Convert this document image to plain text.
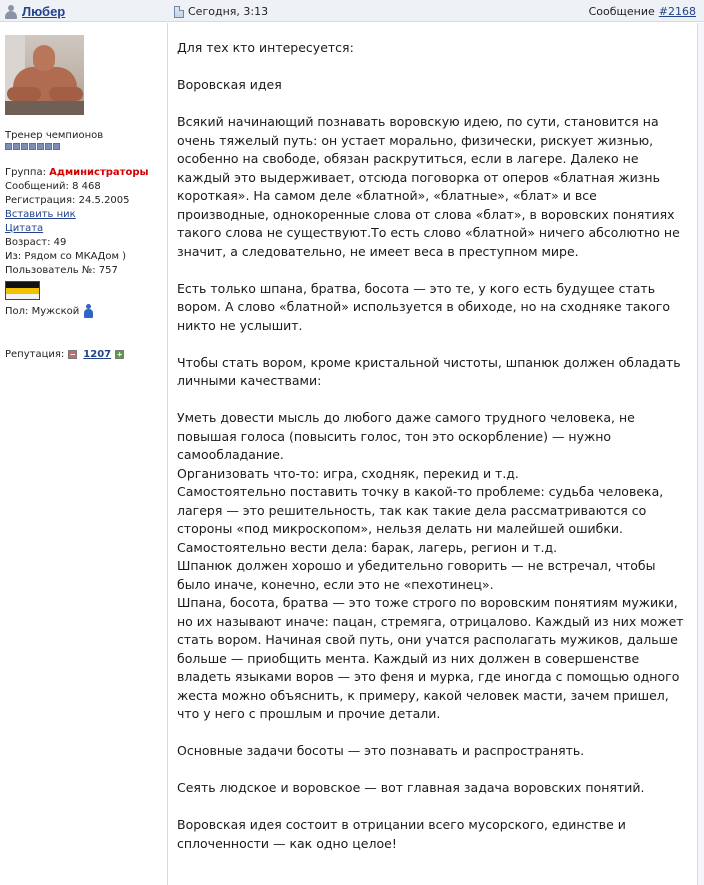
Любер	Сегодня, 3:13	Сообщение #2168
Тренер чемпионов
Группа: Администраторы
Сообщений: 8 468
Регистрация: 24.5.2005
Вставить ник
Цитата
Возраст: 49
Из: Рядом со МКАДом )
Пользователь №: 757
Пол:
Мужской
Репутация: − 1207 +

Для тех кто интересуется:

Воровская идея

Всякий начинающий познавать воровскую идею, по сути, становится на очень тяжелый путь: он устает морально, физически, рискует жизнью, особенно на свободе, обязан раскрутиться, если в лагере. Далеко не каждый это выдерживает, отсюда поговорка от оперов «блатная жизнь короткая». На самом деле «блатной», «блатные», «блат» и все производные, однокоренные слова от слова «блат», в воровских понятиях такого слова не существуют.То есть слово «блатной» ничего абсолютно не значит, а следовательно, не имеет веса в преступном мире.

Есть только шпана, братва, босота — это те, у кого есть будущее стать вором. А слово «блатной» используется в обиходе, но на сходняке такого никто не услышит.

Чтобы стать вором, кроме кристальной чистоты, шпанюк должен обладать личными качествами:

Уметь довести мысль до любого даже самого трудного человека, не повышая голоса (повысить голос, тон это оскорбление) — нужно самообладание.

Организовать что-то: игра, сходняк, перекид и т.д.

Самостоятельно поставить точку в какой-то проблеме: судьба человека, лагеря — это решительность, так как такие дела рассматриваются со стороны «под микроскопом», нельзя делать ни малейшей ошибки.

Самостоятельно вести дела: барак, лагерь, регион и т.д.

Шпанюк должен хорошо и убедительно говорить — не встречал, чтобы было иначе, конечно, если это не «пехотинец».

Шпана, босота, братва — это тоже строго по воровским понятиям мужики, но их называют иначе: пацан, стремяга, отрицалово. Каждый из них может стать вором. Начиная свой путь, они учатся располагать мужиков, дальше больше — приобщить мента. Каждый из них должен в совершенстве владеть языками воров — это феня и мурка, где иногда с помощью одного жеста можно объяснить, к примеру, какой человек масти, зачем пришел, что у него с прошлым и прочие детали.

Основные задачи босоты — это познавать и распространять.

Сеять людское и воровское — вот главная задача воровских понятий.

Воровская идея состоит в отрицании всего мусорского, единстве и сплоченности — как одно целое!
